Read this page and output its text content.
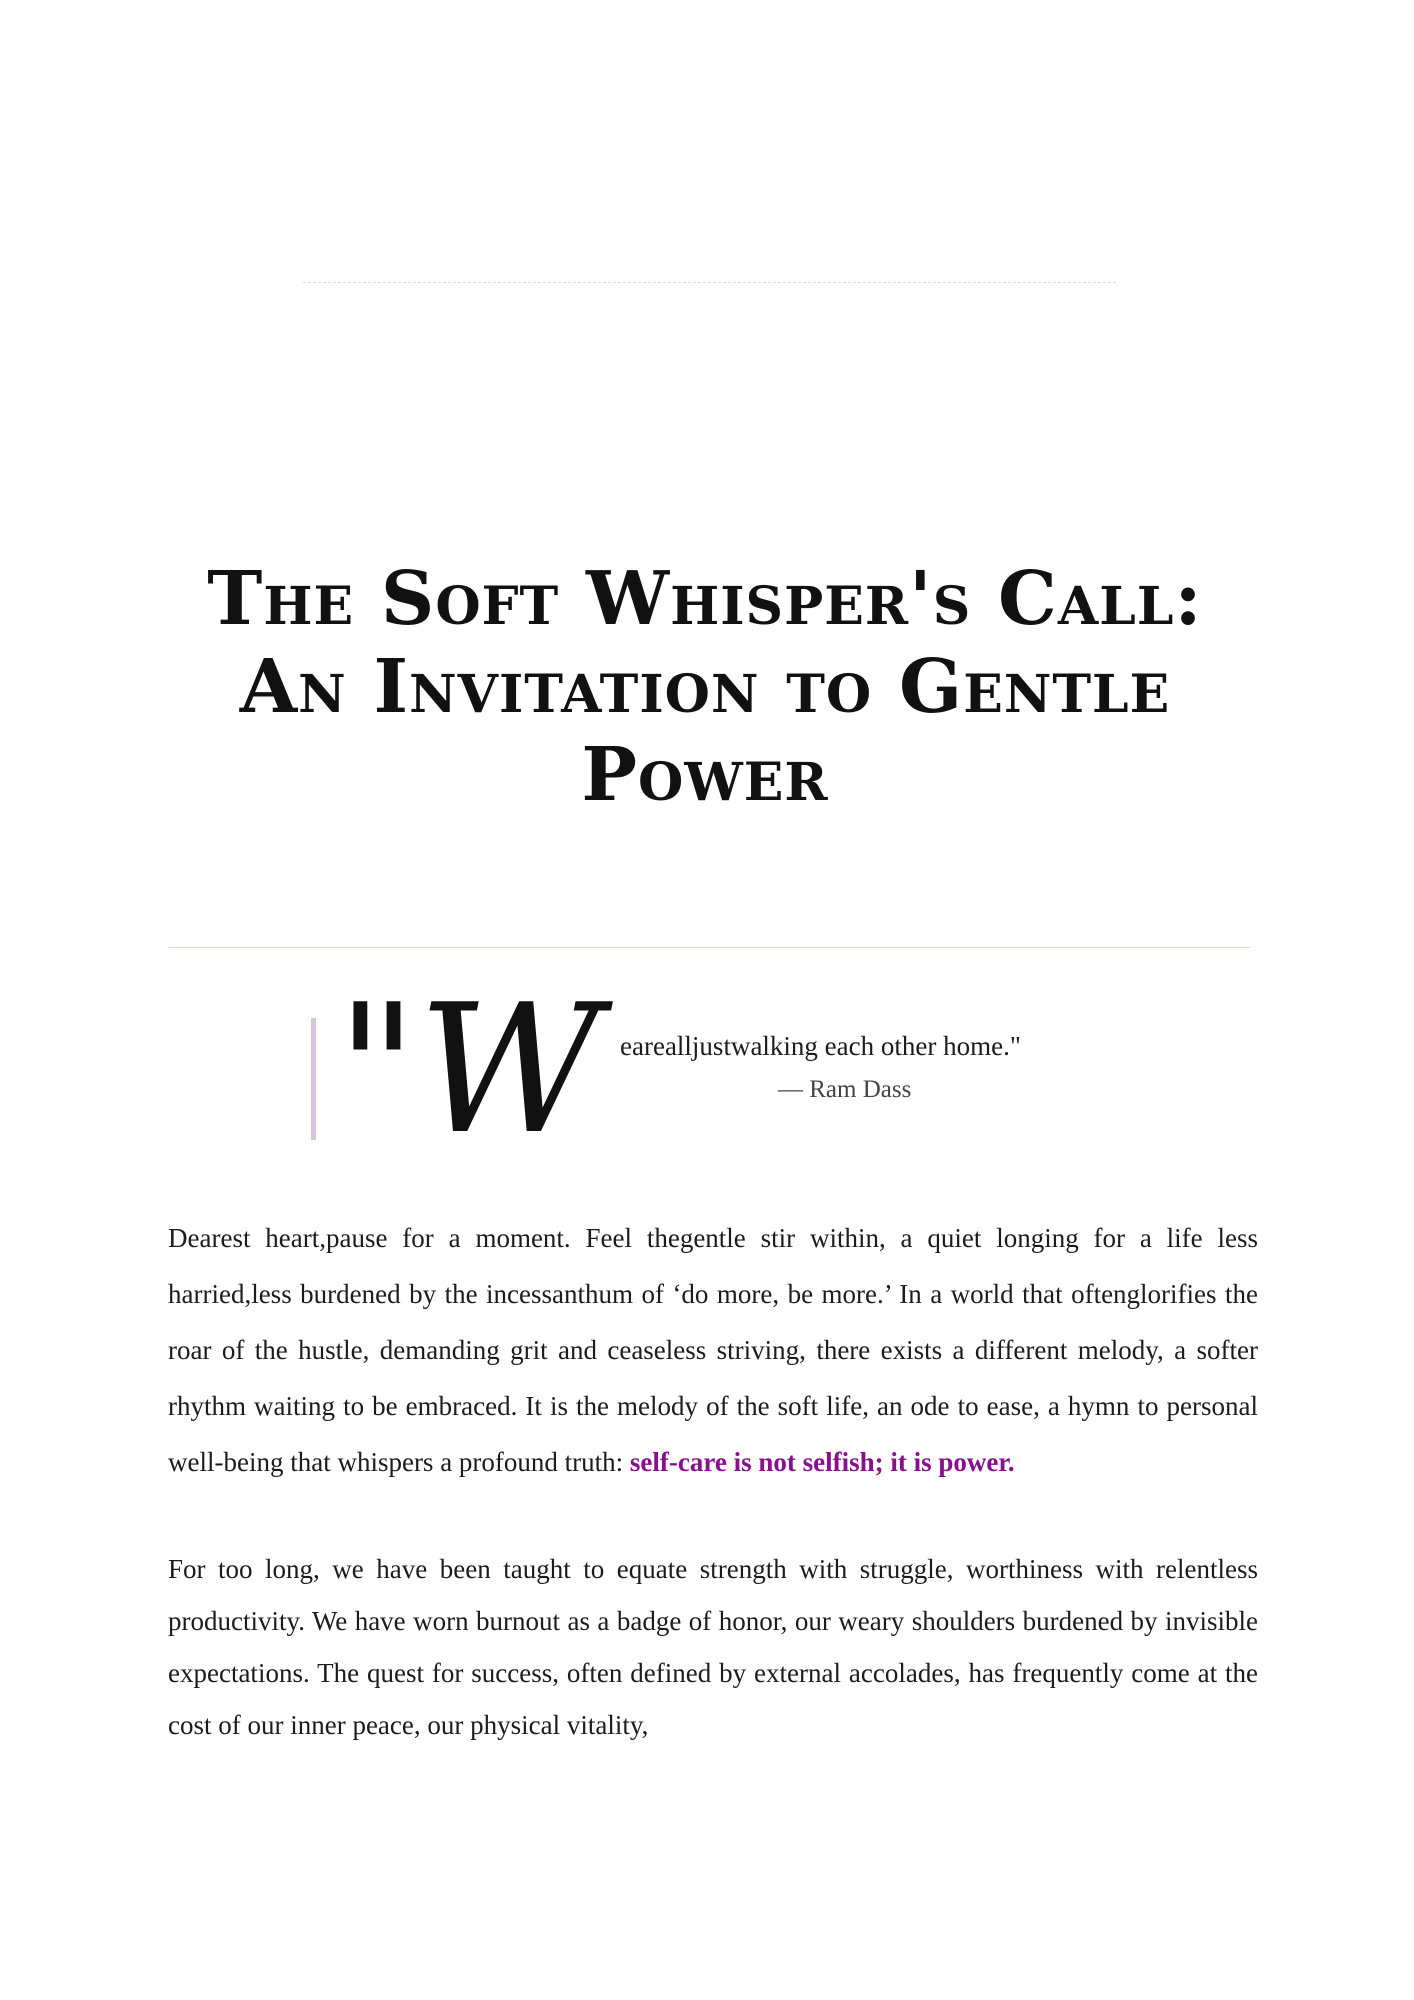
The Soft Whisper's Call:
An Invitation to Gentle
Power
"W earealljustwalking each other home."
— Ram Dass

Dearest heart,pause for a moment. Feel thegentle stir within, a quiet longing for a life less harried,less burdened by the incessanthum of ‘do more, be more.’ In a world that oftenglorifies the roar of the hustle, demanding grit and ceaseless striving, there exists a different melody, a softer rhythm waiting to be embraced. It is the melody of the soft life, an ode to ease, a hymn to personal well-being that whispers a profound truth: self-care is not selfish; it is power.

For too long, we have been taught to equate strength with struggle, worthiness with relentless productivity. We have worn burnout as a badge of honor, our weary shoulders burdened by invisible expectations. The quest for success, often defined by external accolades, has frequently come at the cost of our inner peace, our physical vitality,
